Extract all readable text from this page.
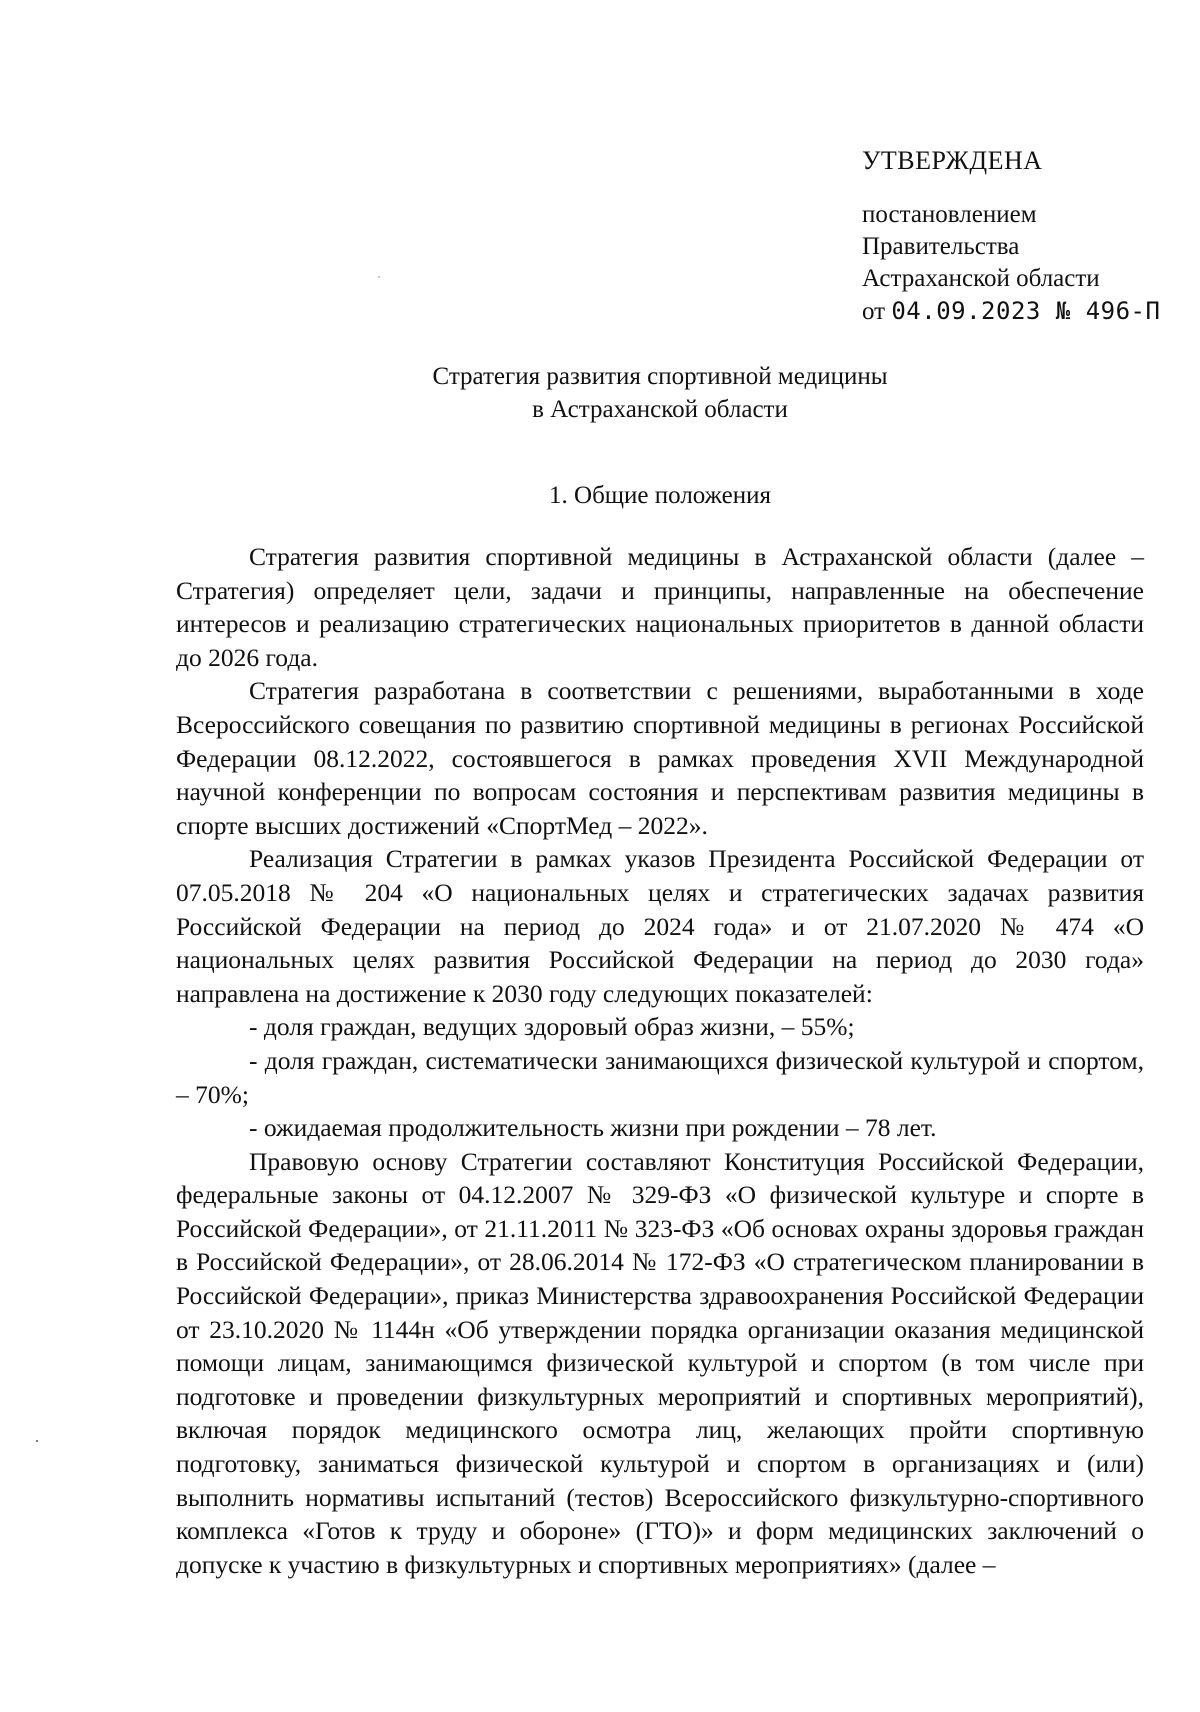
УТВЕРЖДЕНА
постановлением
Правительства
Астраханской области
от 04.09.2023 № 496-П
Стратегия развития спортивной медицины
в Астраханской области
1. Общие положения

Стратегия развития спортивной медицины в Астраханской области (далее – Стратегия) определяет цели, задачи и принципы, направленные на обеспечение интересов и реализацию стратегических национальных приоритетов в данной области до 2026 года.

Стратегия разработана в соответствии с решениями, выработанными в ходе Всероссийского совещания по развитию спортивной медицины в регионах Российской Федерации 08.12.2022, состоявшегося в рамках проведения XVII Международной научной конференции по вопросам состояния и перспективам развития медицины в спорте высших достижений «СпортМед – 2022».

Реализация Стратегии в рамках указов Президента Российской Федерации от 07.05.2018 № 204 «О национальных целях и стратегических задачах развития Российской Федерации на период до 2024 года» и от 21.07.2020 № 474 «О национальных целях развития Российской Федерации на период до 2030 года» направлена на достижение к 2030 году следующих показателей:

- доля граждан, ведущих здоровый образ жизни, – 55%;

- доля граждан, систематически занимающихся физической культурой и спортом, – 70%;

- ожидаемая продолжительность жизни при рождении – 78 лет.

Правовую основу Стратегии составляют Конституция Российской Федерации, федеральные законы от 04.12.2007 № 329-ФЗ «О физической культуре и спорте в Российской Федерации», от 21.11.2011 № 323-ФЗ «Об основах охраны здоровья граждан в Российской Федерации», от 28.06.2014 № 172-ФЗ «О стратегическом планировании в Российской Федерации», приказ Министерства здравоохранения Российской Федерации от 23.10.2020 № 1144н «Об утверждении порядка организации оказания медицинской помощи лицам, занимающимся физической культурой и спортом (в том числе при подготовке и проведении физкультурных мероприятий и спортивных мероприятий), включая порядок медицинского осмотра лиц, желающих пройти спортивную подготовку, заниматься физической культурой и спортом в организациях и (или) выполнить нормативы испытаний (тестов) Всероссийского физкультурно-спортивного комплекса «Готов к труду и обороне» (ГТО)» и форм медицинских заключений о допуске к участию в физкультурных и спортивных мероприятиях» (далее –
